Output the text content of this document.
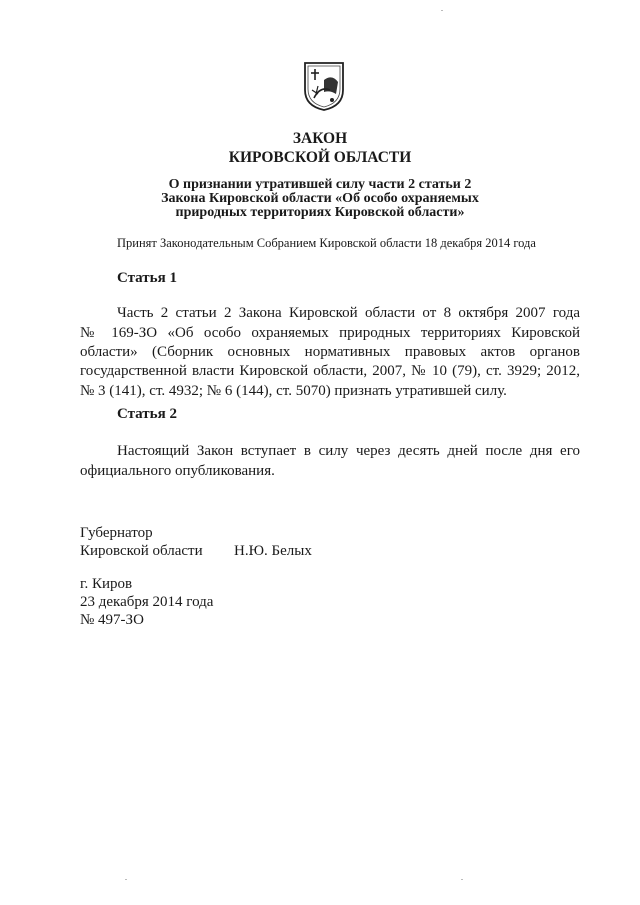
ЗАКОН
КИРОВСКОЙ ОБЛАСТИ
О признании утратившей силу части 2 статьи 2
Закона Кировской области «Об особо охраняемых
природных территориях Кировской области»
Принят Законодательным Собранием Кировской области 18 декабря 2014 года
Статья 1
Часть 2 статьи 2 Закона Кировской области от 8 октября 2007 года
№ 169-ЗО «Об особо охраняемых природных территориях Кировской
области» (Сборник основных нормативных правовых актов органов
государственной власти Кировской области, 2007, № 10 (79), ст. 3929; 2012,
№ 3 (141), ст. 4932; № 6 (144), ст. 5070) признать утратившей силу.
Статья 2
Настоящий Закон вступает в силу через десять дней после дня его
официального опубликования.
Губернатор
Кировской области Н.Ю. Белых
г. Киров
23 декабря 2014 года
№ 497-ЗО
